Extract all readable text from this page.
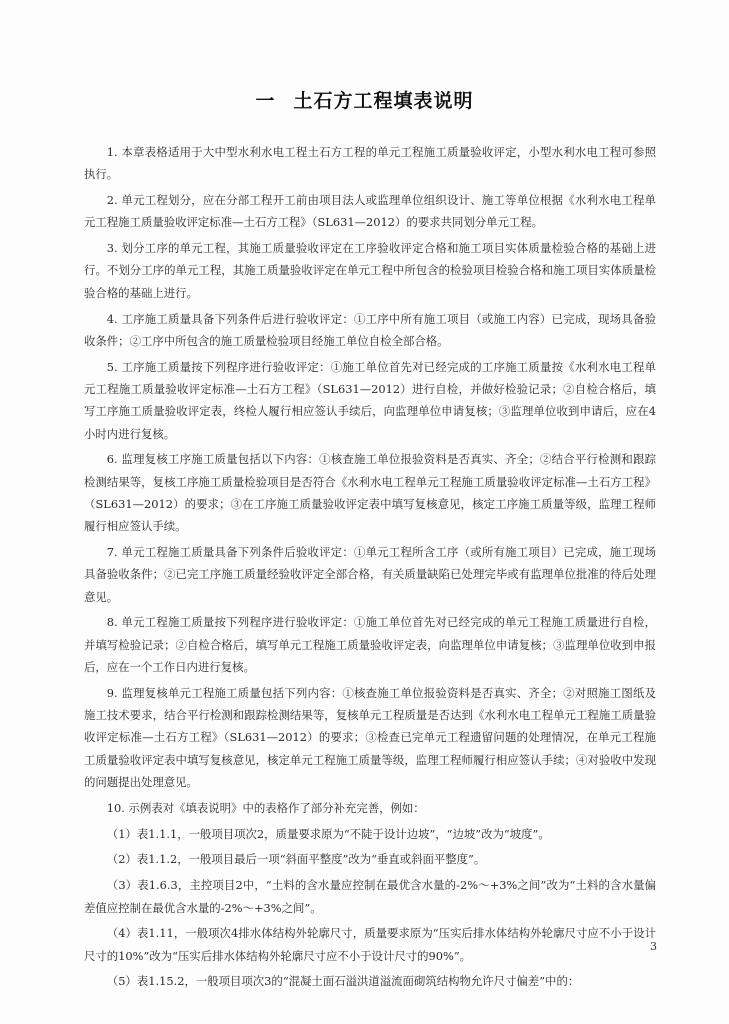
一 土石方工程填表说明

1. 本章表格适用于大中型水利水电工程土石方工程的单元工程施工质量验收评定，小型水利水电工程可参照执行。

2. 单元工程划分，应在分部工程开工前由项目法人或监理单位组织设计、施工等单位根据《水利水电工程单元工程施工质量验收评定标准—土石方工程》（SL631—2012）的要求共同划分单元工程。

3. 划分工序的单元工程，其施工质量验收评定在工序验收评定合格和施工项目实体质量检验合格的基础上进行。不划分工序的单元工程，其施工质量验收评定在单元工程中所包含的检验项目检验合格和施工项目实体质量检验合格的基础上进行。

4. 工序施工质量具备下列条件后进行验收评定：①工序中所有施工项目（或施工内容）已完成，现场具备验收条件；②工序中所包含的施工质量检验项目经施工单位自检全部合格。

5. 工序施工质量按下列程序进行验收评定：①施工单位首先对已经完成的工序施工质量按《水利水电工程单元工程施工质量验收评定标准—土石方工程》（SL631—2012）进行自检，并做好检验记录；②自检合格后，填写工序施工质量验收评定表，终检人履行相应签认手续后，向监理单位申请复核；③监理单位收到申请后，应在4小时内进行复核。

6. 监理复核工序施工质量包括以下内容：①核查施工单位报验资料是否真实、齐全；②结合平行检测和跟踪检测结果等，复核工序施工质量检验项目是否符合《水利水电工程单元工程施工质量验收评定标准—土石方工程》（SL631—2012）的要求；③在工序施工质量验收评定表中填写复核意见，核定工序施工质量等级，监理工程师履行相应签认手续。

7. 单元工程施工质量具备下列条件后验收评定：①单元工程所含工序（或所有施工项目）已完成，施工现场具备验收条件；②已完工序施工质量经验收评定全部合格，有关质量缺陷已处理完毕或有监理单位批准的待后处理意见。

8. 单元工程施工质量按下列程序进行验收评定：①施工单位首先对已经完成的单元工程施工质量进行自检，并填写检验记录；②自检合格后，填写单元工程施工质量验收评定表，向监理单位申请复核；③监理单位收到申报后，应在一个工作日内进行复核。

9. 监理复核单元工程施工质量包括下列内容：①核查施工单位报验资料是否真实、齐全；②对照施工图纸及施工技术要求，结合平行检测和跟踪检测结果等，复核单元工程质量是否达到《水利水电工程单元工程施工质量验收评定标准—土石方工程》（SL631—2012）的要求；③检查已完单元工程遗留问题的处理情况，在单元工程施工质量验收评定表中填写复核意见，核定单元工程施工质量等级，监理工程师履行相应签认手续；④对验收中发现的问题提出处理意见。

10. 示例表对《填表说明》中的表格作了部分补充完善，例如：

（1）表1.1.1，一般项目项次2，质量要求原为“不陡于设计边坡”，“边坡”改为“坡度”。

（2）表1.1.2，一般项目最后一项“斜面平整度”改为“垂直或斜面平整度”。

（3）表1.6.3，主控项目2中，“土料的含水量应控制在最优含水量的-2%～+3%之间”改为“土料的含水量偏差值应控制在最优含水量的-2%～+3%之间”。

（4）表1.11，一般项次4排水体结构外轮廓尺寸，质量要求原为“压实后排水体结构外轮廓尺寸应不小于设计尺寸的10%”改为“压实后排水体结构外轮廓尺寸应不小于设计尺寸的90%”。

（5）表1.15.2，一般项目项次3的“混凝土面石溢洪道溢流面砌筑结构物允许尺寸偏差”中的：

3
